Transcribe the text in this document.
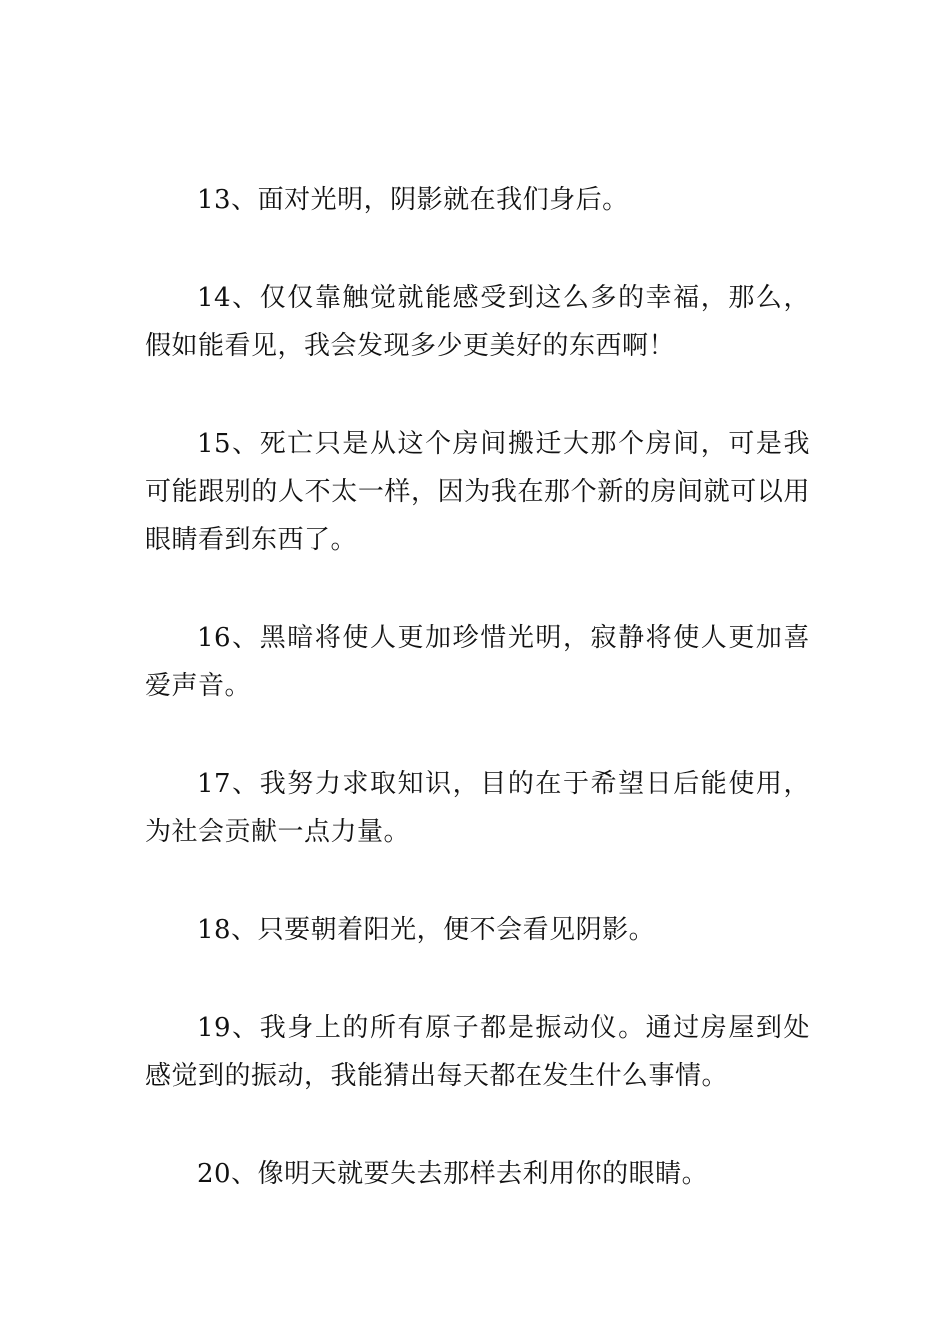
13、面对光明，阴影就在我们身后。

14、仅仅靠触觉就能感受到这么多的幸福，那么，假如能看见，我会发现多少更美好的东西啊！

15、死亡只是从这个房间搬迁大那个房间，可是我可能跟别的人不太一样，因为我在那个新的房间就可以用眼睛看到东西了。

16、黑暗将使人更加珍惜光明，寂静将使人更加喜爱声音。

17、我努力求取知识，目的在于希望日后能使用，为社会贡献一点力量。

18、只要朝着阳光，便不会看见阴影。

19、我身上的所有原子都是振动仪。通过房屋到处感觉到的振动，我能猜出每天都在发生什么事情。

20、像明天就要失去那样去利用你的眼睛。
